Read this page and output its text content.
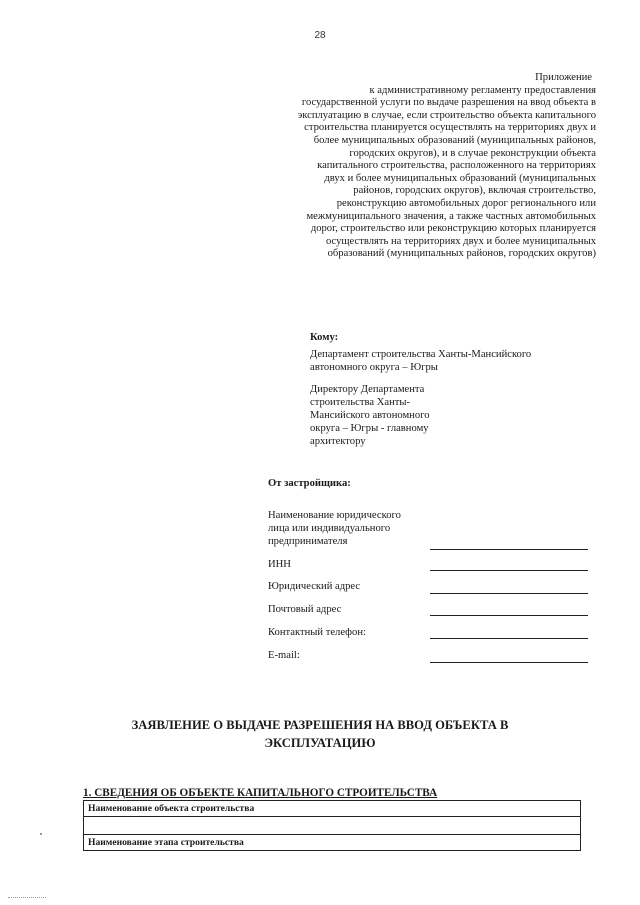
28
Приложение
к административному регламенту предоставления
государственной услуги по выдаче разрешения на ввод объекта в
эксплуатацию в случае, если строительство объекта капитального
строительства планируется осуществлять на территориях двух и
более муниципальных образований (муниципальных районов,
городских округов), и в случае реконструкции объекта
капитального строительства, расположенного на территориях
двух и более муниципальных образований (муниципальных
районов, городских округов), включая строительство,
реконструкцию автомобильных дорог регионального или
межмуниципального значения, а также частных автомобильных
дорог, строительство или реконструкцию которых планируется
осуществлять на территориях двух и более муниципальных
образований (муниципальных районов, городских округов)
Кому:
Департамент строительства Ханты-Мансийского
автономного округа – Югры
Директору Департамента
строительства Ханты-
Мансийского автономного
округа – Югры - главному
архитектору
От застройщика:
Наименование юридического
лица или индивидуального
предпринимателя
ИНН
Юридический адрес
Почтовый адрес
Контактный телефон:
E-mail:
ЗАЯВЛЕНИЕ О ВЫДАЧЕ РАЗРЕШЕНИЯ НА ВВОД ОБЪЕКТА В
ЭКСПЛУАТАЦИЮ
1. СВЕДЕНИЯ ОБ ОБЪЕКТЕ КАПИТАЛЬНОГО СТРОИТЕЛЬСТВА
Наименование объекта строительства

Наименование этапа строительства
